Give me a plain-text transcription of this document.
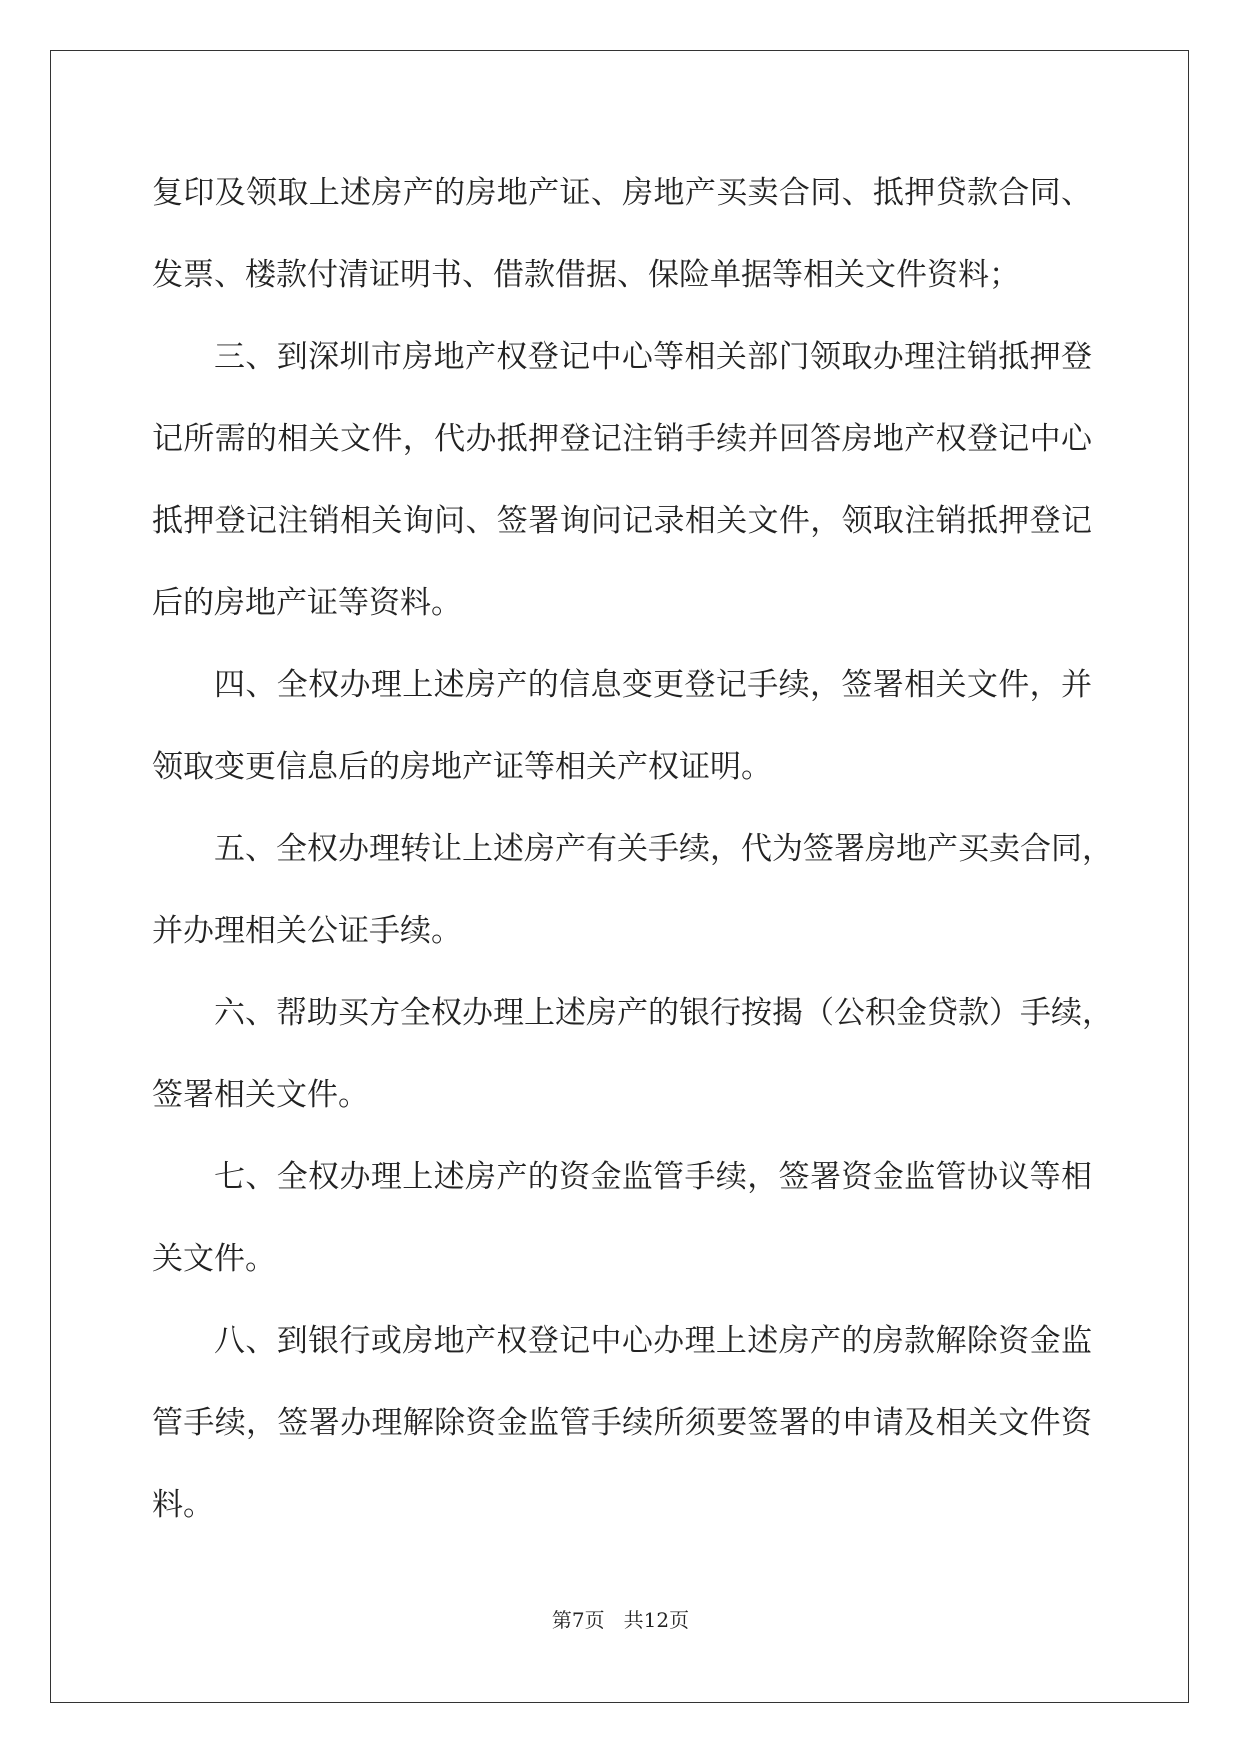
复印及领取上述房产的房地产证、房地产买卖合同、抵押贷款合同、
发票、楼款付清证明书、借款借据、保险单据等相关文件资料；
三、到深圳市房地产权登记中心等相关部门领取办理注销抵押登
记所需的相关文件，代办抵押登记注销手续并回答房地产权登记中心
抵押登记注销相关询问、签署询问记录相关文件，领取注销抵押登记
后的房地产证等资料。
四、全权办理上述房产的信息变更登记手续，签署相关文件，并
领取变更信息后的房地产证等相关产权证明。
五、全权办理转让上述房产有关手续，代为签署房地产买卖合同，
并办理相关公证手续。
六、帮助买方全权办理上述房产的银行按揭（公积金贷款）手续，
签署相关文件。
七、全权办理上述房产的资金监管手续，签署资金监管协议等相
关文件。
八、到银行或房地产权登记中心办理上述房产的房款解除资金监
管手续，签署办理解除资金监管手续所须要签署的申请及相关文件资
料。
第7页   共12页
